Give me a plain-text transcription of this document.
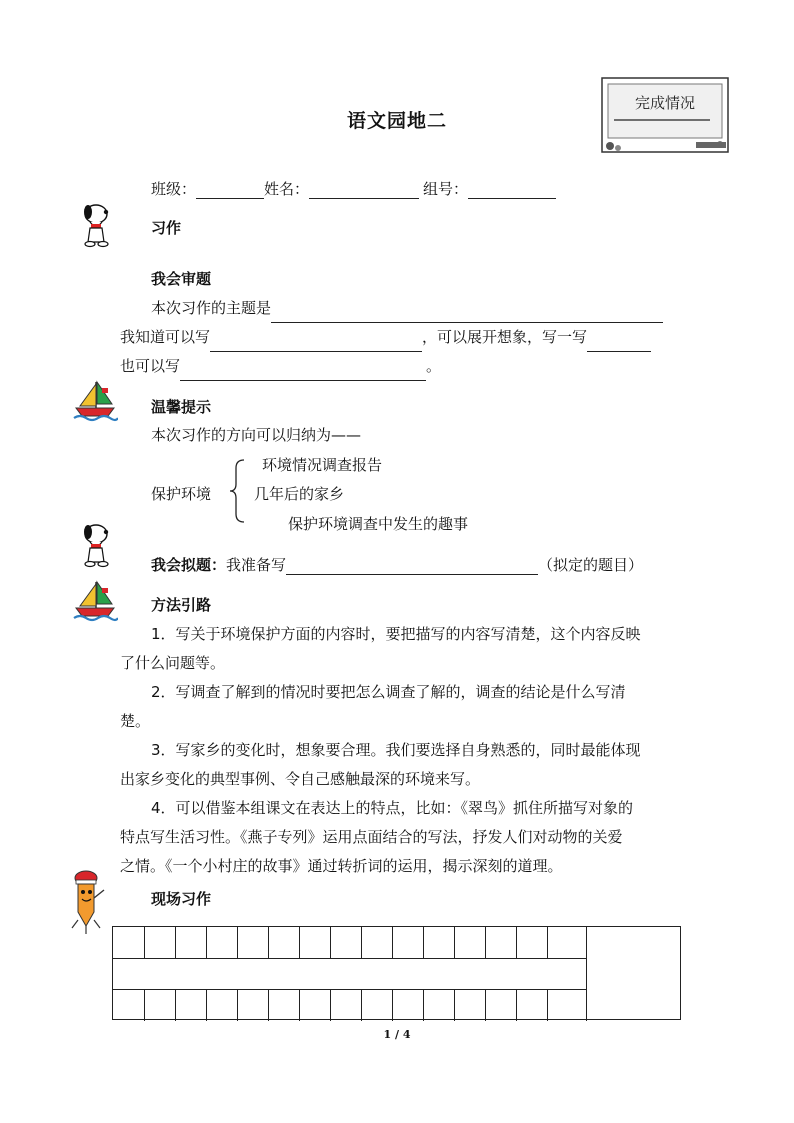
语文园地二
完成情况
班级：	姓名：	组号：
习作
我会审题
本次习作的主题是
我知道可以写	，可以展开想象，写一写
也可以写	。
温馨提示
本次习作的方向可以归纳为——
保护环境
环境情况调查报告
几年后的家乡
保护环境调查中发生的趣事
我会拟题：我准备写	（拟定的题目）
方法引路
1．写关于环境保护方面的内容时，要把描写的内容写清楚，这个内容反映
了什么问题等。
2．写调查了解到的情况时要把怎么调查了解的，调查的结论是什么写清
楚。
3．写家乡的变化时，想象要合理。我们要选择自身熟悉的，同时最能体现
出家乡变化的典型事例、令自己感触最深的环境来写。
4．可以借鉴本组课文在表达上的特点，比如：《翠鸟》抓住所描写对象的
特点写生活习性。《燕子专列》运用点面结合的写法，抒发人们对动物的关爱
之情。《一个小村庄的故事》通过转折词的运用，揭示深刻的道理。
现场习作
1 / 4
